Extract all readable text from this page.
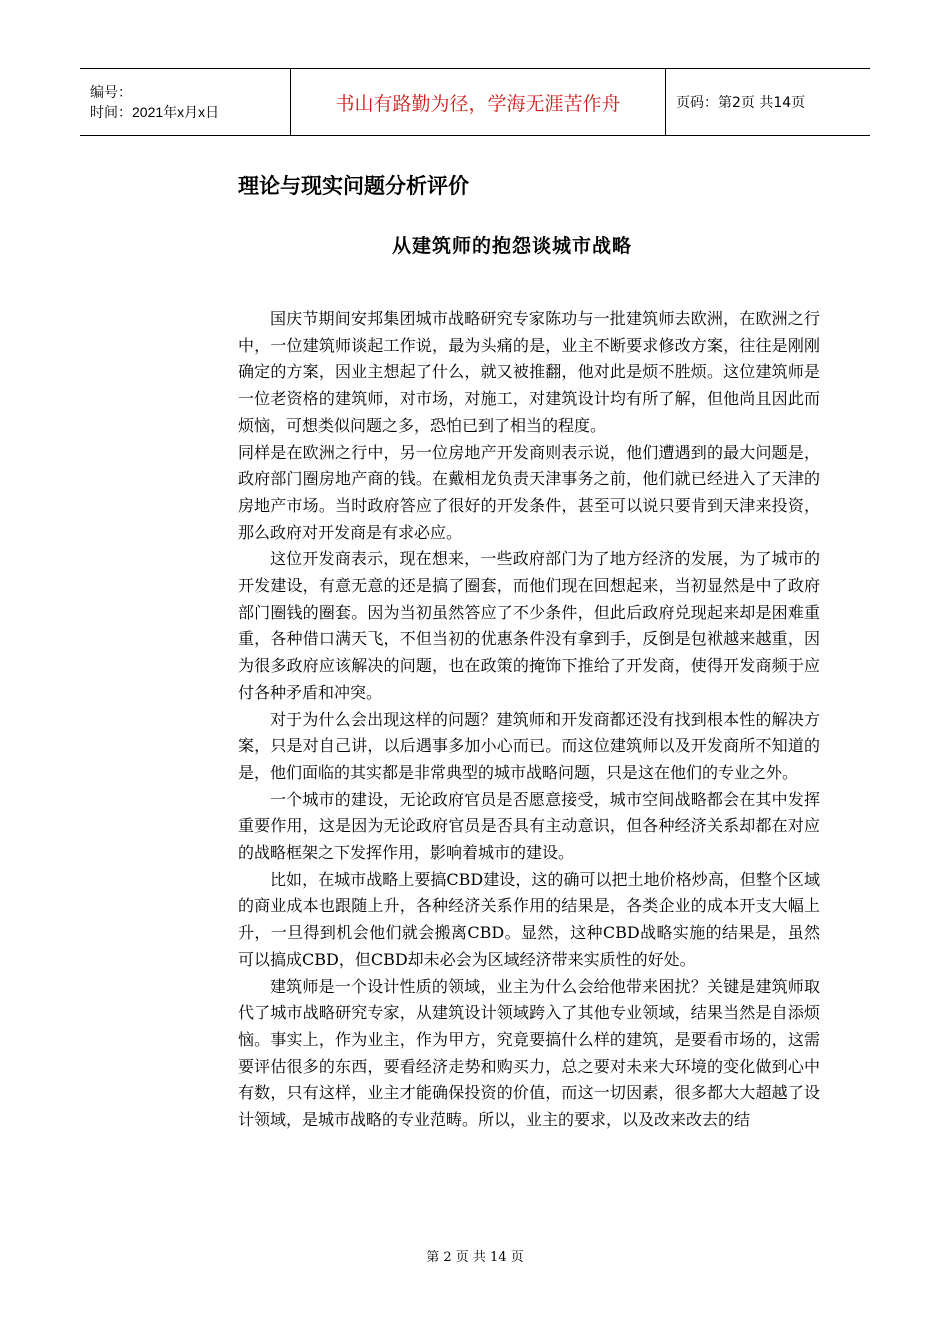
编号：
时间：2021年x月x日	书山有路勤为径，学海无涯苦作舟	页码：第2页 共14页
理论与现实问题分析评价
从建筑师的抱怨谈城市战略

国庆节期间安邦集团城市战略研究专家陈功与一批建筑师去欧洲，在欧洲之行中，一位建筑师谈起工作说，最为头痛的是，业主不断要求修改方案，往往是刚刚确定的方案，因业主想起了什么，就又被推翻，他对此是烦不胜烦。这位建筑师是一位老资格的建筑师，对市场，对施工，对建筑设计均有所了解，但他尚且因此而烦恼，可想类似问题之多，恐怕已到了相当的程度。

同样是在欧洲之行中，另一位房地产开发商则表示说，他们遭遇到的最大问题是，政府部门圈房地产商的钱。在戴相龙负责天津事务之前，他们就已经进入了天津的房地产市场。当时政府答应了很好的开发条件，甚至可以说只要肯到天津来投资，那么政府对开发商是有求必应。

这位开发商表示，现在想来，一些政府部门为了地方经济的发展，为了城市的开发建设，有意无意的还是搞了圈套，而他们现在回想起来，当初显然是中了政府部门圈钱的圈套。因为当初虽然答应了不少条件，但此后政府兑现起来却是困难重重，各种借口满天飞，不但当初的优惠条件没有拿到手，反倒是包袱越来越重，因为很多政府应该解决的问题，也在政策的掩饰下推给了开发商，使得开发商频于应付各种矛盾和冲突。

对于为什么会出现这样的问题？建筑师和开发商都还没有找到根本性的解决方案，只是对自己讲，以后遇事多加小心而已。而这位建筑师以及开发商所不知道的是，他们面临的其实都是非常典型的城市战略问题，只是这在他们的专业之外。

一个城市的建设，无论政府官员是否愿意接受，城市空间战略都会在其中发挥重要作用，这是因为无论政府官员是否具有主动意识，但各种经济关系却都在对应的战略框架之下发挥作用，影响着城市的建设。

比如，在城市战略上要搞CBD建设，这的确可以把土地价格炒高，但整个区域的商业成本也跟随上升，各种经济关系作用的结果是，各类企业的成本开支大幅上升，一旦得到机会他们就会搬离CBD。显然，这种CBD战略实施的结果是，虽然可以搞成CBD，但CBD却未必会为区域经济带来实质性的好处。

建筑师是一个设计性质的领域，业主为什么会给他带来困扰？关键是建筑师取代了城市战略研究专家，从建筑设计领域跨入了其他专业领域，结果当然是自添烦恼。事实上，作为业主，作为甲方，究竟要搞什么样的建筑，是要看市场的，这需要评估很多的东西，要看经济走势和购买力，总之要对未来大环境的变化做到心中有数，只有这样，业主才能确保投资的价值，而这一切因素，很多都大大超越了设计领域，是城市战略的专业范畴。所以，业主的要求，以及改来改去的结

第 2 页 共 14 页
